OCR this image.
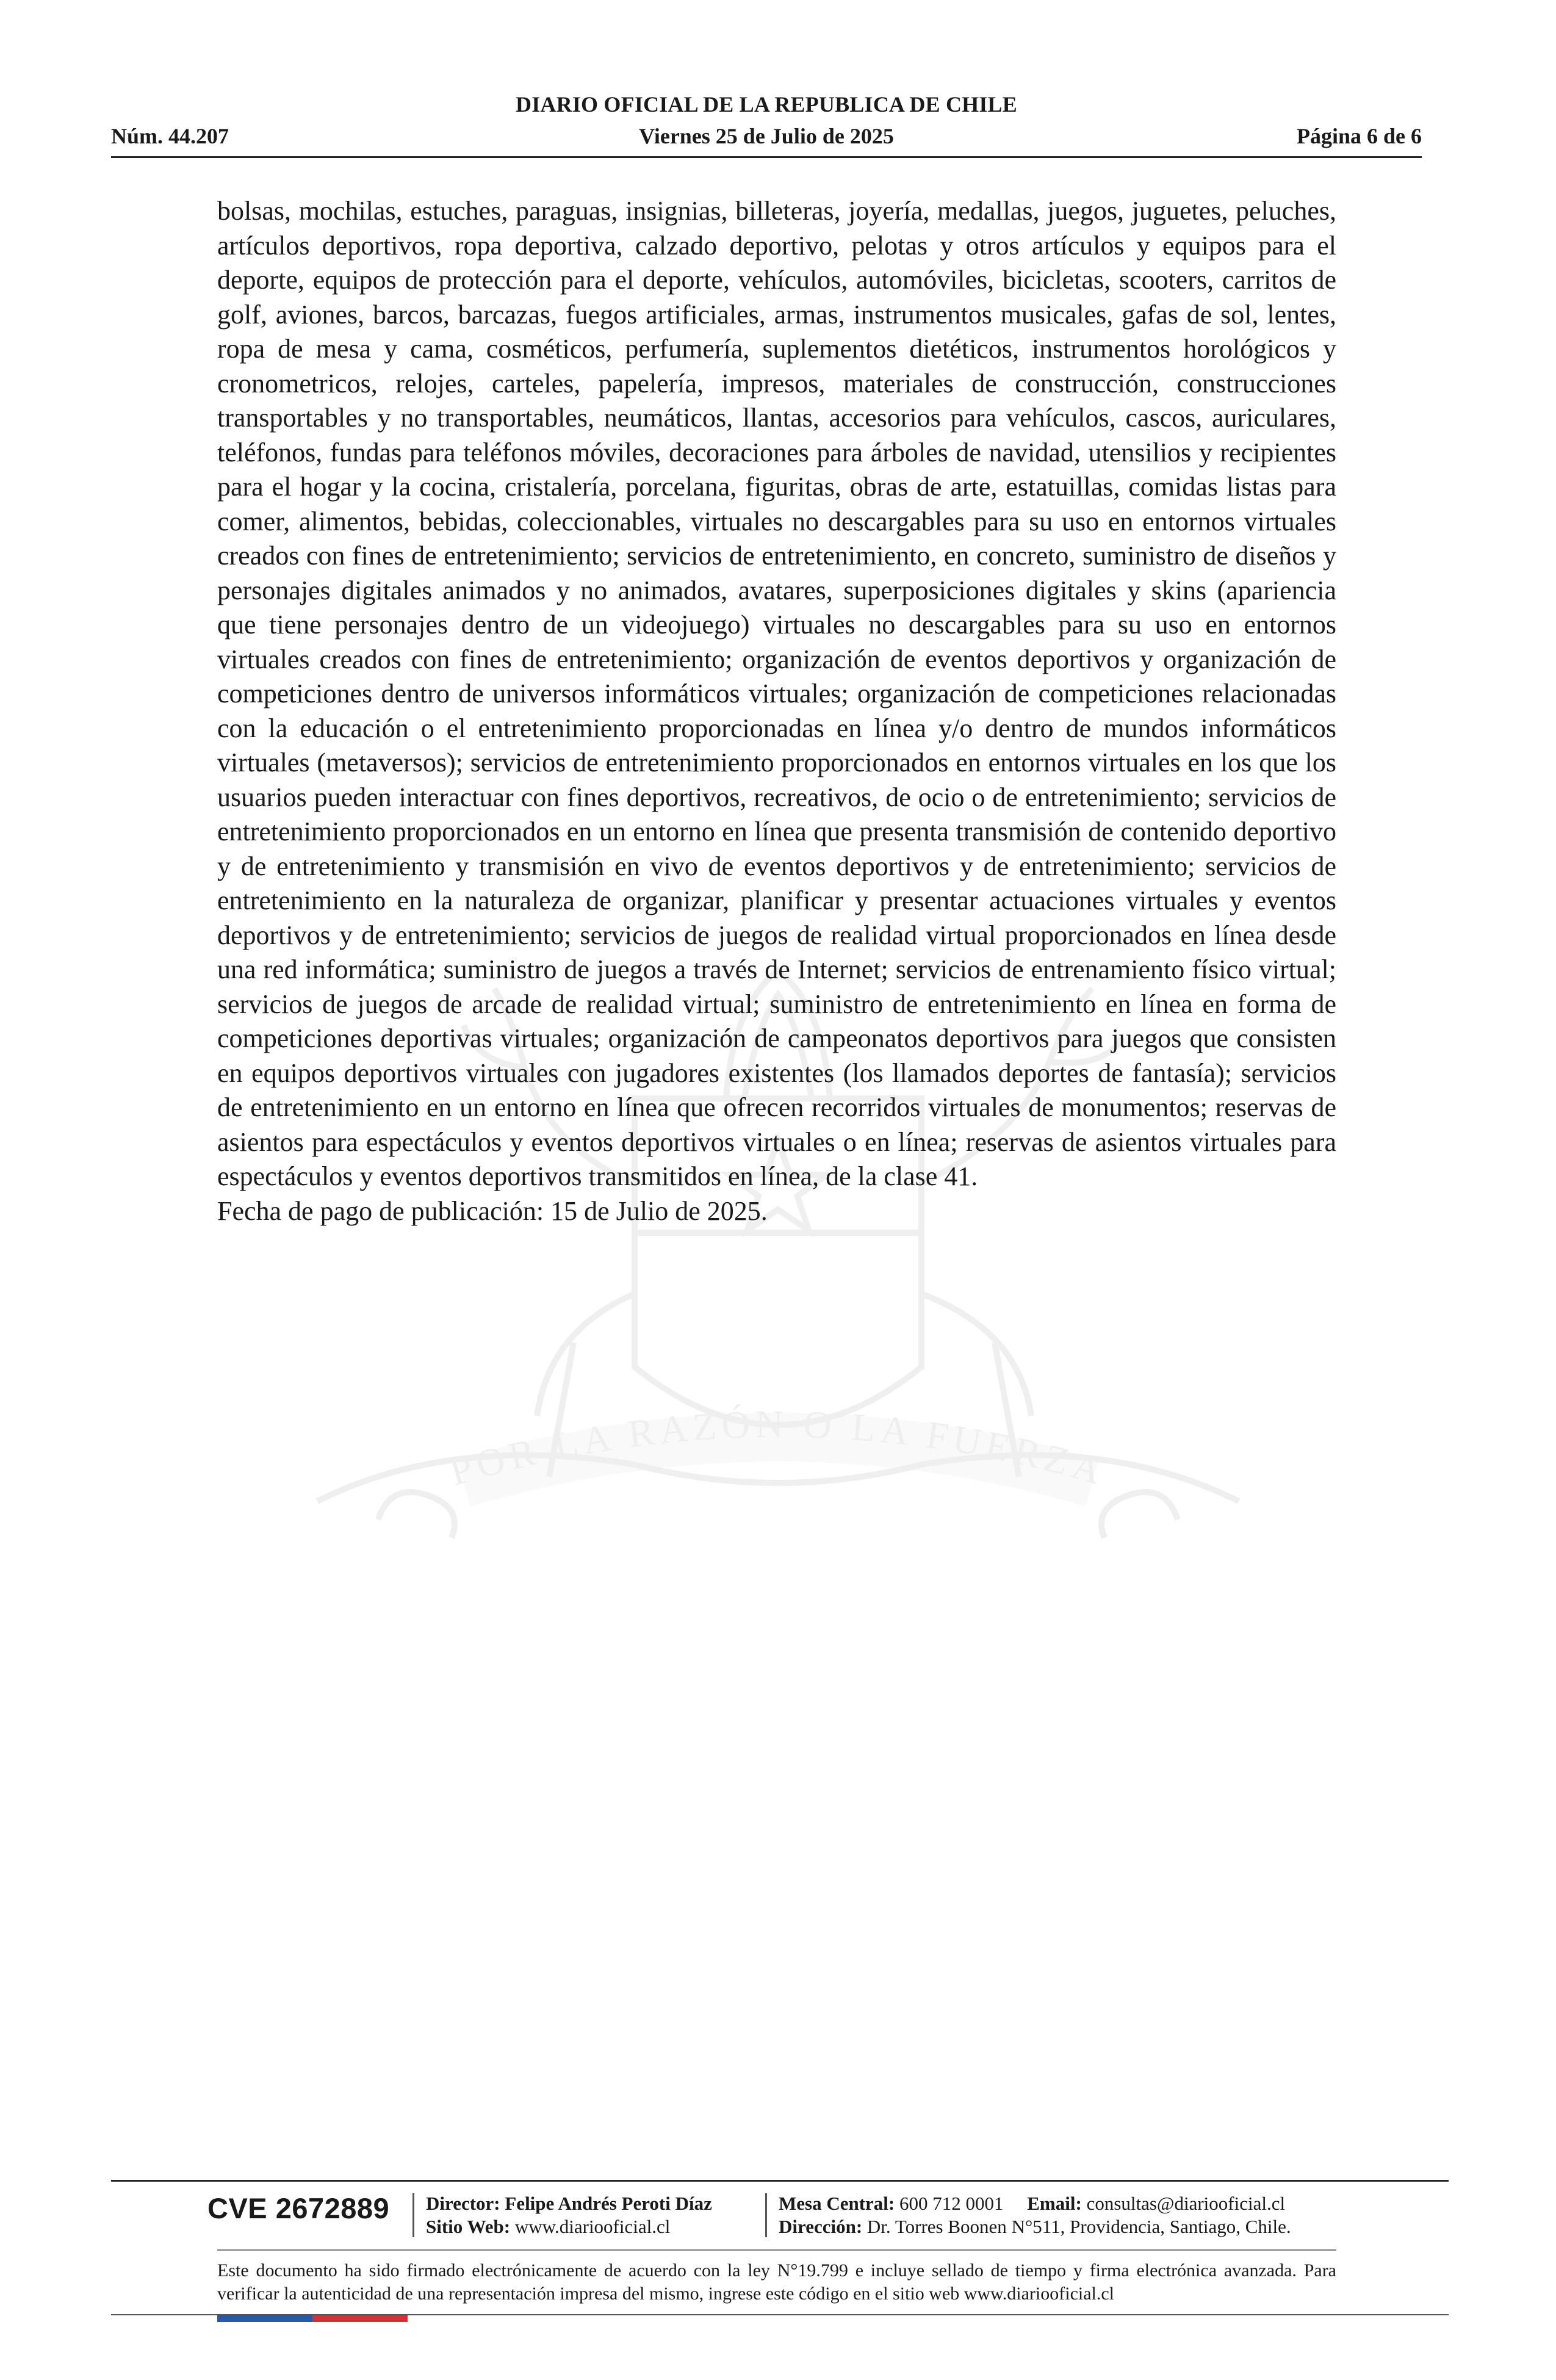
POR LA RAZÓN O LA FUERZA
DIARIO OFICIAL DE LA REPUBLICA DE CHILE
Núm. 44.207	Viernes 25 de Julio de 2025	Página 6 de 6

bolsas, mochilas, estuches, paraguas, insignias, billeteras, joyería, medallas, juegos, juguetes, peluches, artículos deportivos, ropa deportiva, calzado deportivo, pelotas y otros artículos y equipos para el deporte, equipos de protección para el deporte, vehículos, automóviles, bicicletas, scooters, carritos de golf, aviones, barcos, barcazas, fuegos artificiales, armas, instrumentos musicales, gafas de sol, lentes, ropa de mesa y cama, cosméticos, perfumería, suplementos dietéticos, instrumentos horológicos y cronometricos, relojes, carteles, papelería, impresos, materiales de construcción, construcciones transportables y no transportables, neumáticos, llantas, accesorios para vehículos, cascos, auriculares, teléfonos, fundas para teléfonos móviles, decoraciones para árboles de navidad, utensilios y recipientes para el hogar y la cocina, cristalería, porcelana, figuritas, obras de arte, estatuillas, comidas listas para comer, alimentos, bebidas, coleccionables, virtuales no descargables para su uso en entornos virtuales creados con fines de entretenimiento; servicios de entretenimiento, en concreto, suministro de diseños y personajes digitales animados y no animados, avatares, superposiciones digitales y skins (apariencia que tiene personajes dentro de un videojuego) virtuales no descargables para su uso en entornos virtuales creados con fines de entretenimiento; organización de eventos deportivos y organización de competiciones dentro de universos informáticos virtuales; organización de competiciones relacionadas con la educación o el entretenimiento proporcionadas en línea y/o dentro de mundos informáticos virtuales (metaversos); servicios de entretenimiento proporcionados en entornos virtuales en los que los usuarios pueden interactuar con fines deportivos, recreativos, de ocio o de entretenimiento; servicios de entretenimiento proporcionados en un entorno en línea que presenta transmisión de contenido deportivo y de entretenimiento y transmisión en vivo de eventos deportivos y de entretenimiento; servicios de entretenimiento en la naturaleza de organizar, planificar y presentar actuaciones virtuales y eventos deportivos y de entretenimiento; servicios de juegos de realidad virtual proporcionados en línea desde una red informática; suministro de juegos a través de Internet; servicios de entrenamiento físico virtual; servicios de juegos de arcade de realidad virtual; suministro de entretenimiento en línea en forma de competiciones deportivas virtuales; organización de campeonatos deportivos para juegos que consisten en equipos deportivos virtuales con jugadores existentes (los llamados deportes de fantasía); servicios de entretenimiento en un entorno en línea que ofrecen recorridos virtuales de monumentos; reservas de asientos para espectáculos y eventos deportivos virtuales o en línea; reservas de asientos virtuales para espectáculos y eventos deportivos transmitidos en línea, de la clase 41.

Fecha de pago de publicación: 15 de Julio de 2025.

CVE 2672889 Director: Felipe Andrés Peroti Díaz
Sitio Web: www.diariooficial.cl
Mesa Central: 600 712 0001 Email: consultas@diariooficial.cl
Dirección: Dr. Torres Boonen N°511, Providencia, Santiago, Chile.
Este documento ha sido firmado electrónicamente de acuerdo con la ley N°19.799 e incluye sellado de tiempo y firma electrónica avanzada. Para verificar la autenticidad de una representación impresa del mismo, ingrese este código en el sitio web www.diariooficial.cl
